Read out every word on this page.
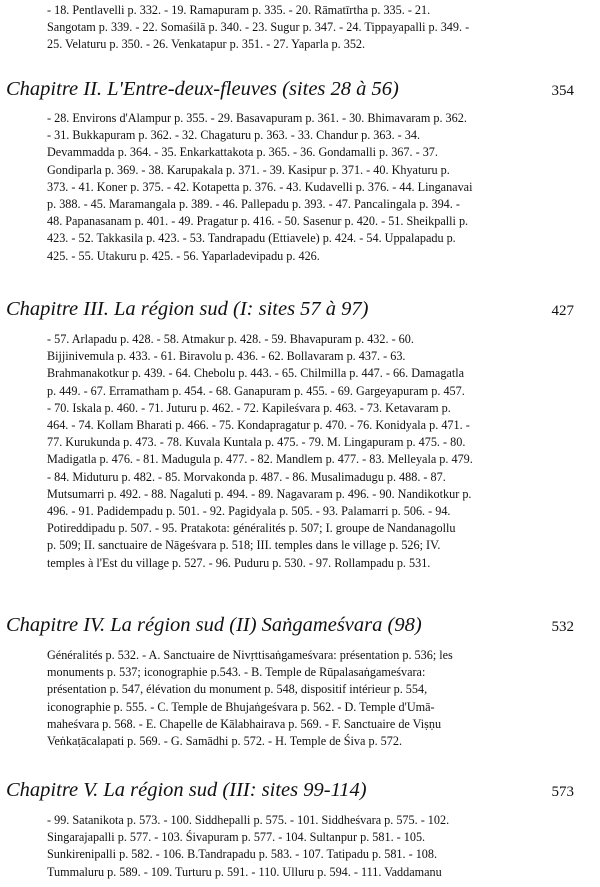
- 18. Pentlavelli p. 332. - 19. Ramapuram p. 335. - 20. Rāmatīrtha p. 335. - 21.
Sangotam p. 339. - 22. Somaśilā p. 340. - 23. Sugur p. 347. - 24. Tippayapalli p. 349. -
25. Velaturu p. 350. - 26. Venkatapur p. 351. - 27. Yaparla p. 352.
Chapitre II. L'Entre-deux-fleuves (sites 28 à 56)	354
- 28. Environs d'Alampur p. 355. - 29. Basavapuram p. 361. - 30. Bhimavaram p. 362.
- 31. Bukkapuram p. 362. - 32. Chagaturu p. 363. - 33. Chandur p. 363. - 34.
Devammadda p. 364. - 35. Enkarkattakota p. 365. - 36. Gondamalli p. 367. - 37.
Gondiparla p. 369. - 38. Karupakala p. 371. - 39. Kasipur p. 371. - 40. Khyaturu p.
373. - 41. Koner p. 375. - 42. Kotapetta p. 376. - 43. Kudavelli p. 376. - 44. Linganavai
p. 388. - 45. Maramangala p. 389. - 46. Pallepadu p. 393. - 47. Pancalingala p. 394. -
48. Papanasanam p. 401. - 49. Pragatur p. 416. - 50. Sasenur p. 420. - 51. Sheikpalli p.
423. - 52. Takkasila p. 423. - 53. Tandrapadu (Ettiavele) p. 424. - 54. Uppalapadu p.
425. - 55. Utakuru p. 425. - 56. Yaparladevipadu p. 426.
Chapitre III. La région sud (I: sites 57 à 97)	427
- 57. Arlapadu p. 428. - 58. Atmakur p. 428. - 59. Bhavapuram p. 432. - 60.
Bijjinivemula p. 433. - 61. Biravolu p. 436. - 62. Bollavaram p. 437. - 63.
Brahmanakotkur p. 439. - 64. Chebolu p. 443. - 65. Chilmilla p. 447. - 66. Damagatla
p. 449. - 67. Erramatham p. 454. - 68. Ganapuram p. 455. - 69. Gargeyapuram p. 457.
- 70. Iskala p. 460. - 71. Juturu p. 462. - 72. Kapileśvara p. 463. - 73. Ketavaram p.
464. - 74. Kollam Bharati p. 466. - 75. Kondapragatur p. 470. - 76. Konidyala p. 471. -
77. Kurukunda p. 473. - 78. Kuvala Kuntala p. 475. - 79. M. Lingapuram p. 475. - 80.
Madigatla p. 476. - 81. Madugula p. 477. - 82. Mandlem p. 477. - 83. Melleyala p. 479.
- 84. Miduturu p. 482. - 85. Morvakonda p. 487. - 86. Musalimadugu p. 488. - 87.
Mutsumarri p. 492. - 88. Nagaluti p. 494. - 89. Nagavaram p. 496. - 90. Nandikotkur p.
496. - 91. Padidempadu p. 501. - 92. Pagidyala p. 505. - 93. Palamarri p. 506. - 94.
Potireddipadu p. 507. - 95. Pratakota: généralités p. 507; I. groupe de Nandanagollu
p. 509; II. sanctuaire de Nāgeśvara p. 518; III. temples dans le village p. 526; IV.
temples à l'Est du village p. 527. - 96. Puduru p. 530. - 97. Rollampadu p. 531.
Chapitre IV. La région sud (II) Saṅgameśvara (98)	532
Généralités p. 532. - A. Sanctuaire de Nivṛttisaṅgameśvara: présentation p. 536; les
monuments p. 537; iconographie p.543. - B. Temple de Rūpalasaṅgameśvara:
présentation p. 547, élévation du monument p. 548, dispositif intérieur p. 554,
iconographie p. 555. - C. Temple de Bhujaṅgeśvara p. 562. - D. Temple d'Umā-
maheśvara p. 568. - E. Chapelle de Kālabhairava p. 569. - F. Sanctuaire de Viṣṇu
Veṅkaṭācalapati p. 569. - G. Samādhi p. 572. - H. Temple de Śiva p. 572.
Chapitre V. La région sud (III: sites 99-114)	573
- 99. Satanikota p. 573. - 100. Siddhepalli p. 575. - 101. Siddheśvara p. 575. - 102.
Singarajapalli p. 577. - 103. Śivapuram p. 577. - 104. Sultanpur p. 581. - 105.
Sunkirenipalli p. 582. - 106. B.Tandrapadu p. 583. - 107. Tatipadu p. 581. - 108.
Tummaluru p. 589. - 109. Turturu p. 591. - 110. Ulluru p. 594. - 111. Vaddamanu
